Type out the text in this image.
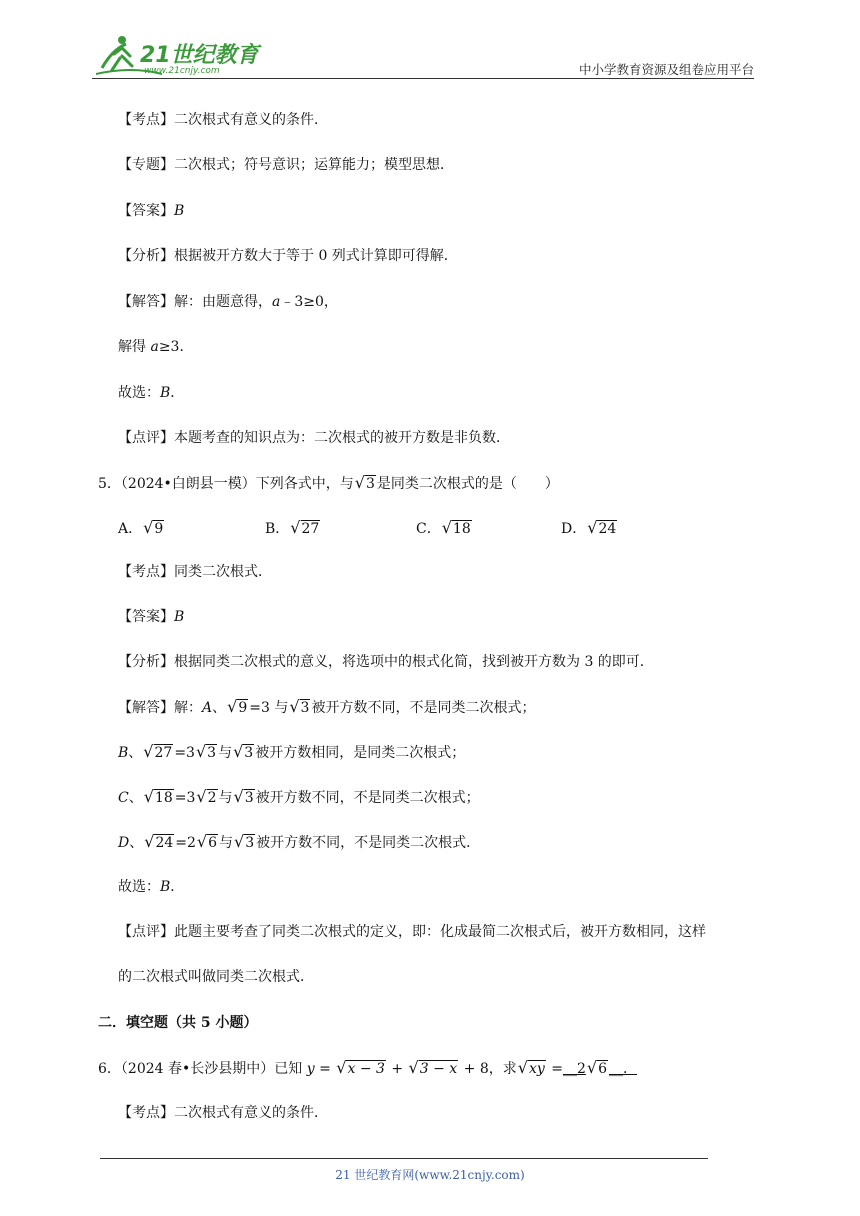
21世纪教育
www.21cnjy.com	中小学教育资源及组卷应用平台
【考点】二次根式有意义的条件．
【专题】二次根式；符号意识；运算能力；模型思想．
【答案】B
【分析】根据被开方数大于等于 0 列式计算即可得解．
【解答】解：由题意得，a﹣3≥0，
解得 a≥3．
故选：B．
【点评】本题考查的知识点为：二次根式的被开方数是非负数．
5．（2024•白朗县一模）下列各式中，与√3 是同类二次根式的是（　　）
A．√9	B．√27	C．√18	D．√24
【考点】同类二次根式．
【答案】B
【分析】根据同类二次根式的意义，将选项中的根式化简，找到被开方数为 3 的即可．
【解答】解：A、√9 =3 与√3 被开方数不同，不是同类二次根式；
B、√27 =3√3 与√3 被开方数相同，是同类二次根式；
C、√18 =3√2 与√3 被开方数不同，不是同类二次根式；
D、√24 =2√6 与√3 被开方数不同，不是同类二次根式．
故选：B．
【点评】此题主要考查了同类二次根式的定义，即：化成最简二次根式后，被开方数相同，这样
的二次根式叫做同类二次根式．
二．填空题（共 5 小题）
6．（2024 春•长沙县期中）已知 y = √x − 3 + √3 − x + 8，求√xy =__2√6 __．
【考点】二次根式有意义的条件．
21 世纪教育网(www.21cnjy.com)
